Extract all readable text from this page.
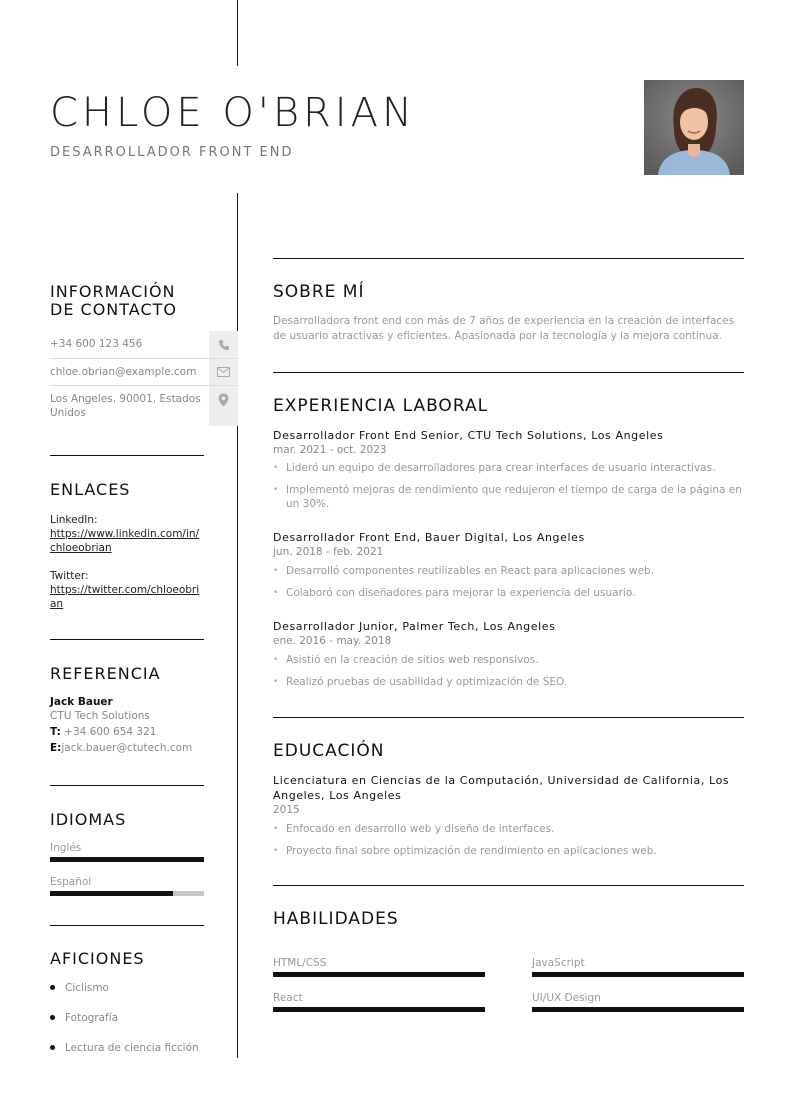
CHLOE O'BRIAN
DESARROLLADOR FRONT END
INFORMACIÓN
DE CONTACTO
+34 600 123 456
chloe.obrian@example.com
Los Angeles, 90001, Estados Unidos
ENLACES
LinkedIn:
https://www.linkedin.com/in/chloeobrian
Twitter:
https://twitter.com/chloeobrian
REFERENCIA
Jack Bauer
CTU Tech Solutions
T: +34 600 654 321
E:jack.bauer@ctutech.com
IDIOMAS
Inglés
Español
AFICIONES
Ciclismo
Fotografía
Lectura de ciencia ficción
SOBRE MÍ
Desarrolladora front end con más de 7 años de experiencia en la creación de interfaces de usuario atractivas y eficientes. Apasionada por la tecnología y la mejora continua.
EXPERIENCIA LABORAL
Desarrollador Front End Senior, CTU Tech Solutions, Los Angeles
mar. 2021 - oct. 2023
• Lideró un equipo de desarrolladores para crear interfaces de usuario interactivas.
• Implementó mejoras de rendimiento que redujeron el tiempo de carga de la página en un 30%.
Desarrollador Front End, Bauer Digital, Los Angeles
jun. 2018 - feb. 2021
• Desarrolló componentes reutilizables en React para aplicaciones web.
• Colaboró con diseñadores para mejorar la experiencia del usuario.
Desarrollador Junior, Palmer Tech, Los Angeles
ene. 2016 - may. 2018
• Asistió en la creación de sitios web responsivos.
• Realizó pruebas de usabilidad y optimización de SEO.
EDUCACIÓN
Licenciatura en Ciencias de la Computación, Universidad de California, Los Angeles, Los Angeles
2015
• Enfocado en desarrollo web y diseño de interfaces.
• Proyecto final sobre optimización de rendimiento en aplicaciones web.
HABILIDADES
HTML/CSS	JavaScript
React	UI/UX Design
